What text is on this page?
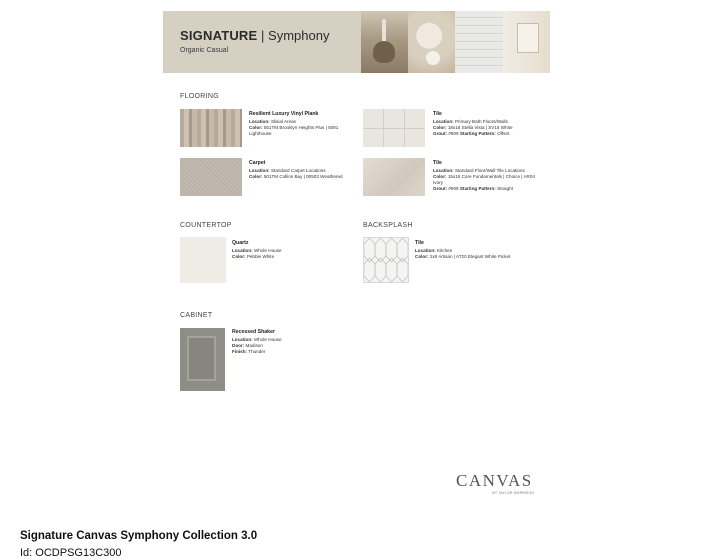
SIGNATURE | Symphony
Organic Casual
FLOORING
Resilient Luxury Vinyl Plank
Location: Slisial Areas
Color: 551TM Brooklyn Heights Plus | 5091 Lighthouse
Tile
Location: Primary Bath Floors/Walls
Color: 18x18 Stella Vista | SV16 White
Grout: #909 Starting Pattern: Offset
Carpet
Location: Standard Carpet Locations
Color: 501TM Collins Bay | 00502 Weathered
Tile
Location: Standard Floor/Wall Tile Locations
Color: 15x15 Core Fundamentals | Choice | AR04 Ivory
Grout: #909 Starting Pattern: Straight
COUNTERTOP	BACKSPLASH
Quartz
Location: Whole House
Color: Pebble White
Tile
Location: Kitchen
Color: 2x8 Artisan | AT20 Elegant White Picket
CABINET
Recessed Shaker
Location: Whole House
Door: Madison
Finish: Thunder
CANVAS
BY TAYLOR MORRISON
Signature Canvas Symphony Collection 3.0
Id: OCDPSG13C300
